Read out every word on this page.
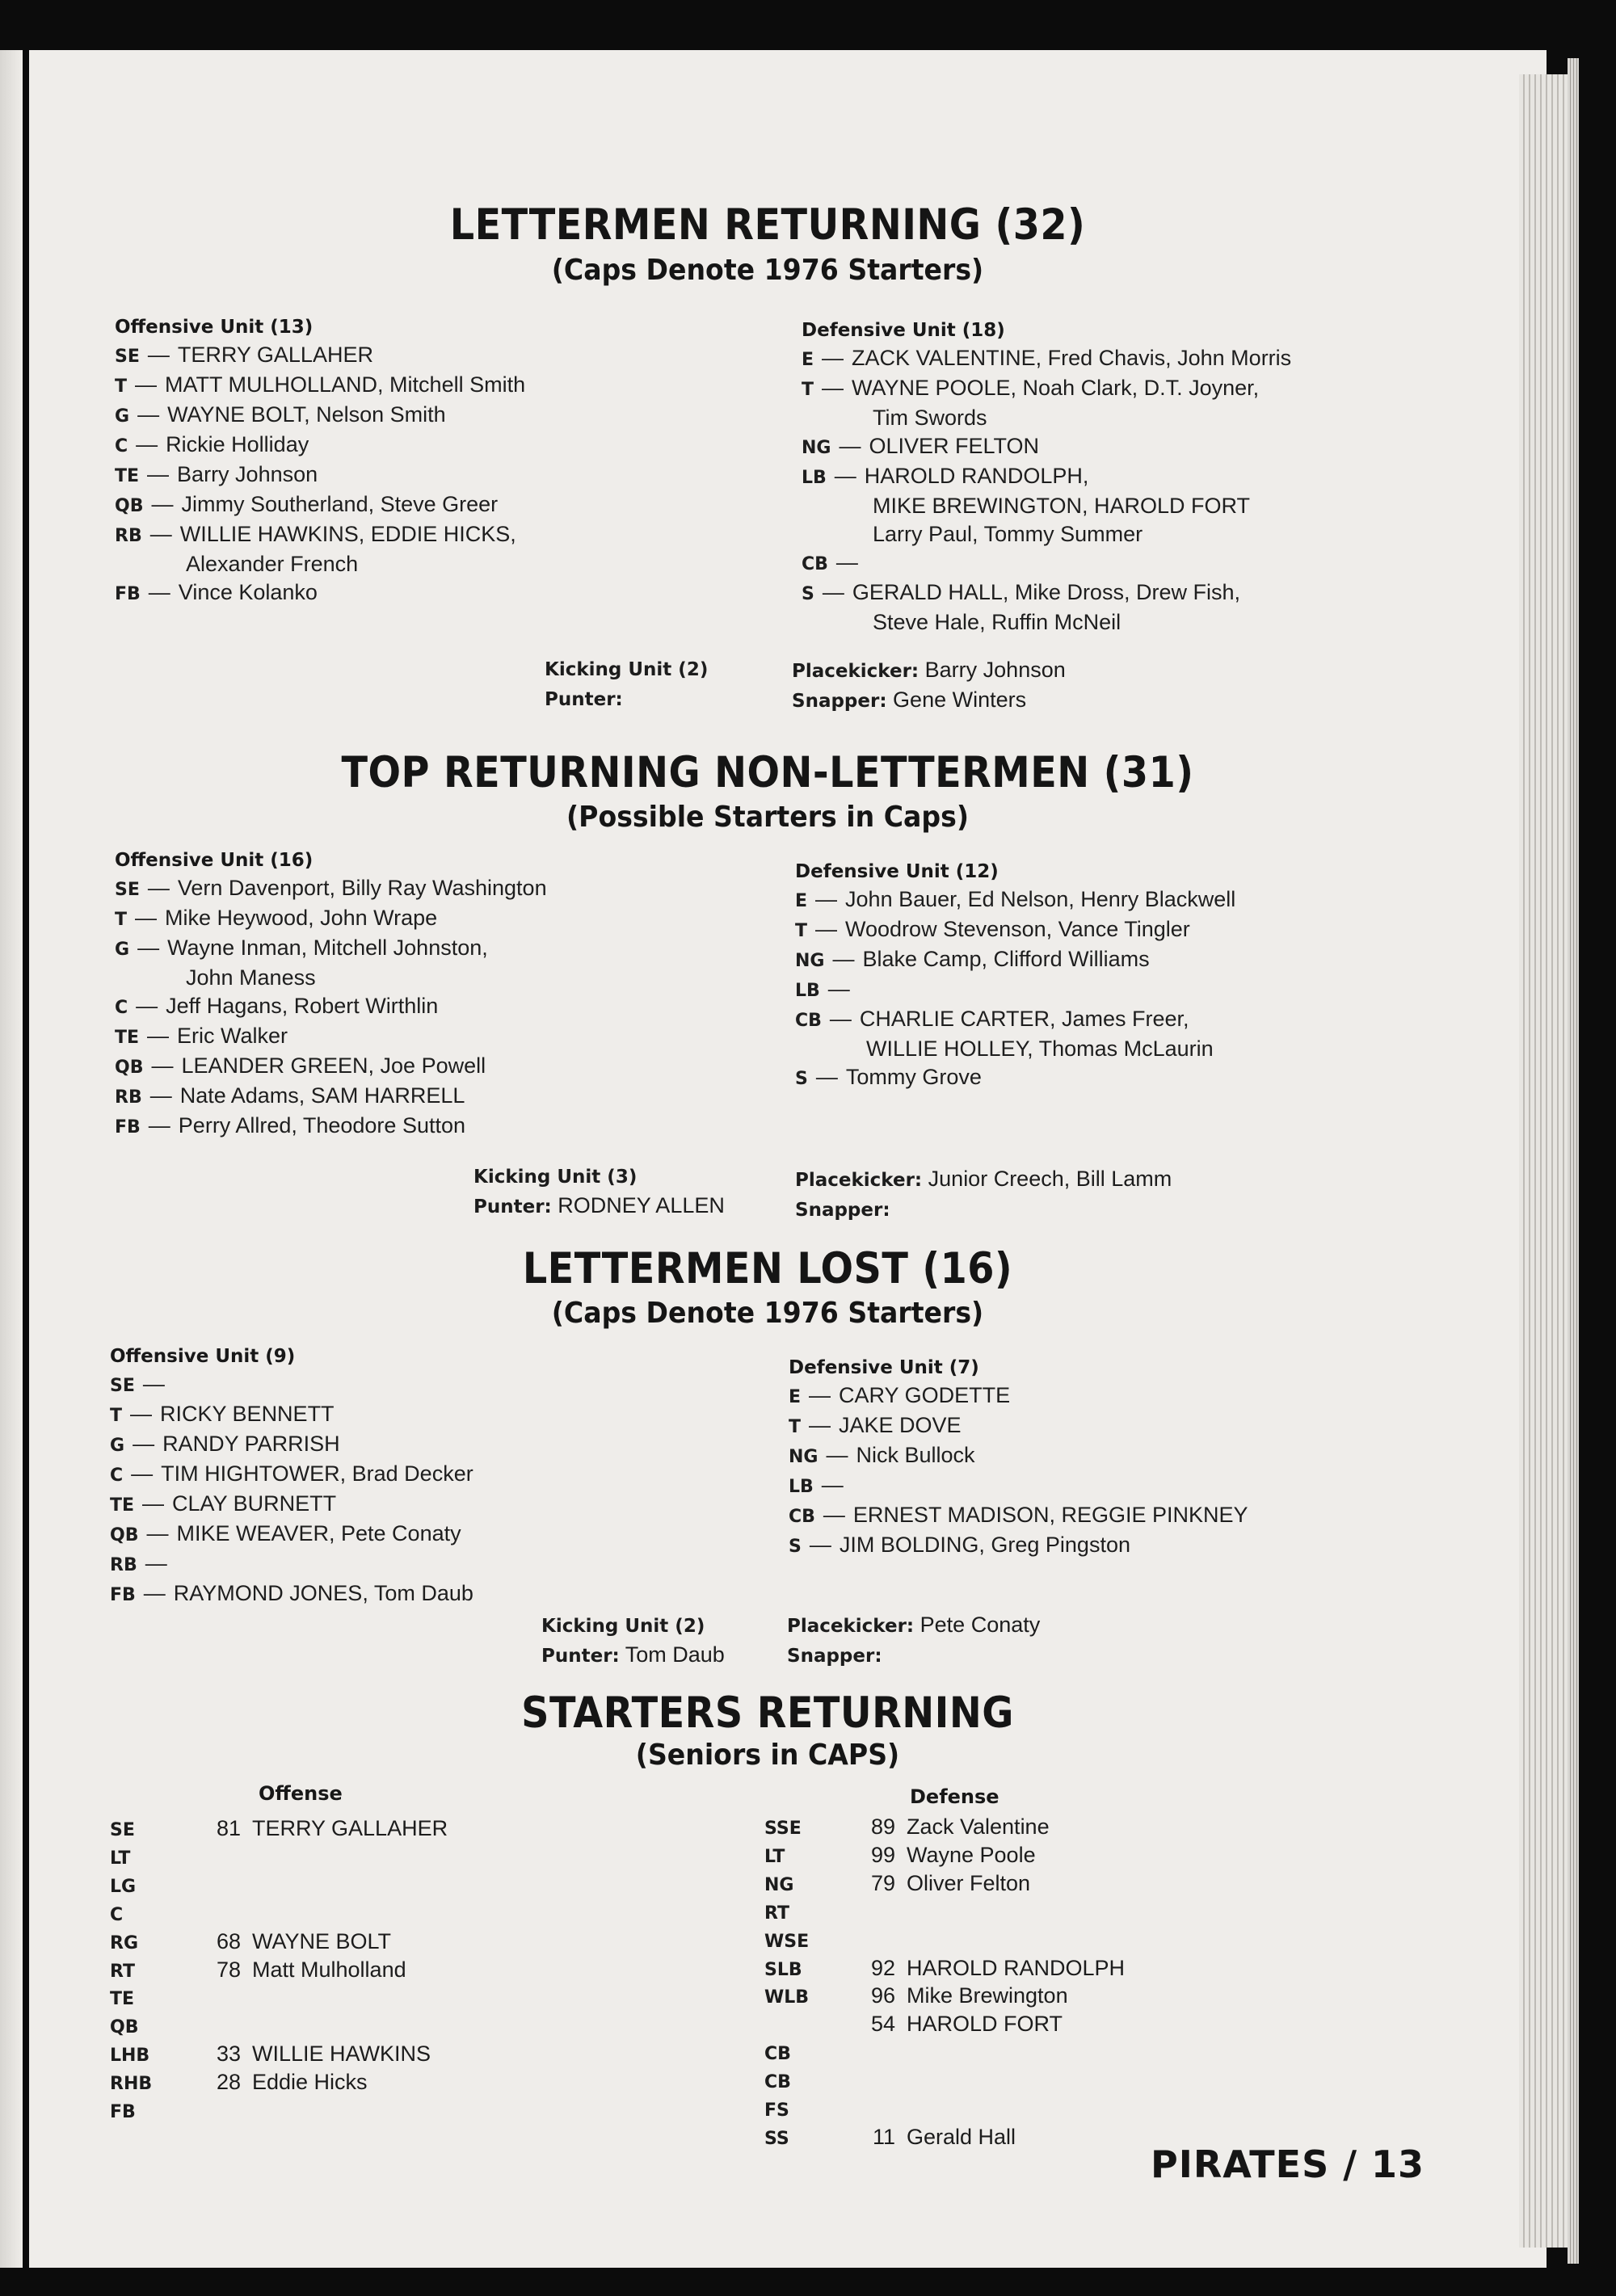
LETTERMEN RETURNING (32)
(Caps Denote 1976 Starters)
Offensive Unit (13)
SE — TERRY GALLAHER
T — MATT MULHOLLAND, Mitchell Smith
G — WAYNE BOLT, Nelson Smith
C — Rickie Holliday
TE — Barry Johnson
QB — Jimmy Southerland, Steve Greer
RB — WILLIE HAWKINS, EDDIE HICKS,
Alexander French
FB — Vince Kolanko
Defensive Unit (18)
E — ZACK VALENTINE, Fred Chavis, John Morris
T — WAYNE POOLE, Noah Clark, D.T. Joyner,
Tim Swords
NG — OLIVER FELTON
LB — HAROLD RANDOLPH,
MIKE BREWINGTON, HAROLD FORT
Larry Paul, Tommy Summer
CB —
S — GERALD HALL, Mike Dross, Drew Fish,
Steve Hale, Ruffin McNeil
Kicking Unit (2)
Punter:
Placekicker: Barry Johnson
Snapper: Gene Winters
TOP RETURNING NON-LETTERMEN (31)
(Possible Starters in Caps)
Offensive Unit (16)
SE — Vern Davenport, Billy Ray Washington
T — Mike Heywood, John Wrape
G — Wayne Inman, Mitchell Johnston,
John Maness
C — Jeff Hagans, Robert Wirthlin
TE — Eric Walker
QB — LEANDER GREEN, Joe Powell
RB — Nate Adams, SAM HARRELL
FB — Perry Allred, Theodore Sutton
Defensive Unit (12)
E — John Bauer, Ed Nelson, Henry Blackwell
T — Woodrow Stevenson, Vance Tingler
NG — Blake Camp, Clifford Williams
LB —
CB — CHARLIE CARTER, James Freer,
WILLIE HOLLEY, Thomas McLaurin
S — Tommy Grove
Kicking Unit (3)
Punter: RODNEY ALLEN
Placekicker: Junior Creech, Bill Lamm
Snapper:
LETTERMEN LOST (16)
(Caps Denote 1976 Starters)
Offensive Unit (9)
SE —
T — RICKY BENNETT
G — RANDY PARRISH
C — TIM HIGHTOWER, Brad Decker
TE — CLAY BURNETT
QB — MIKE WEAVER, Pete Conaty
RB —
FB — RAYMOND JONES, Tom Daub
Defensive Unit (7)
E — CARY GODETTE
T — JAKE DOVE
NG — Nick Bullock
LB —
CB — ERNEST MADISON, REGGIE PINKNEY
S — JIM BOLDING, Greg Pingston
Kicking Unit (2)
Punter: Tom Daub
Placekicker: Pete Conaty
Snapper:
STARTERS RETURNING
(Seniors in CAPS)
Offense	Defense
SE	81 TERRY GALLAHER
LT
LG
C
RG	68 WAYNE BOLT
RT	78 Matt Mulholland
TE
QB
LHB	33 WILLIE HAWKINS
RHB	28 Eddie Hicks
FB
SSE	89 Zack Valentine
LT	99 Wayne Poole
NG	79 Oliver Felton
RT
WSE
SLB	92 HAROLD RANDOLPH
WLB	96 Mike Brewington
54 HAROLD FORT
CB
CB
FS
SS	11 Gerald Hall
PIRATES / 13
